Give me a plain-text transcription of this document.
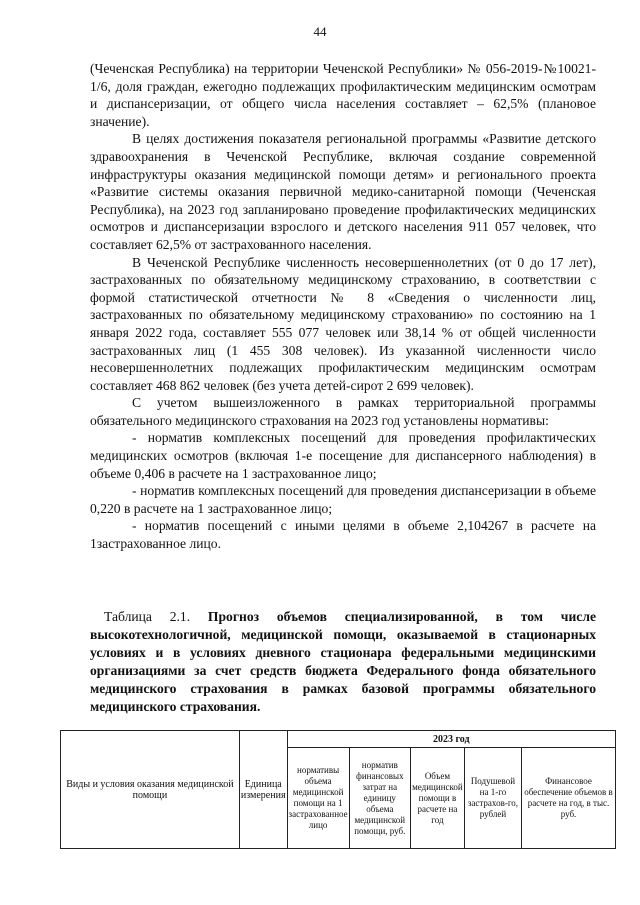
44

(Чеченская Республика) на территории Чеченской Республики» № 056-2019-№10021-1/6, доля граждан, ежегодно подлежащих профилактическим медицинским осмотрам и диспансеризации, от общего числа населения составляет – 62,5% (плановое значение).

В целях достижения показателя региональной программы «Развитие детского здравоохранения в Чеченской Республике, включая создание современной инфраструктуры оказания медицинской помощи детям» и регионального проекта «Развитие системы оказания первичной медико-санитарной помощи (Чеченская Республика), на 2023 год запланировано проведение профилактических медицинских осмотров и диспансеризации взрослого и детского населения 911 057 человек, что составляет 62,5% от застрахованного населения.

В Чеченской Республике численность несовершеннолетних (от 0 до 17 лет), застрахованных по обязательному медицинскому страхованию, в соответствии с формой статистической отчетности № 8 «Сведения о численности лиц, застрахованных по обязательному медицинскому страхованию» по состоянию на 1 января 2022 года, составляет 555 077 человек или 38,14 % от общей численности застрахованных лиц (1 455 308 человек). Из указанной численности число несовершеннолетних подлежащих профилактическим медицинским осмотрам составляет 468 862 человек (без учета детей-сирот 2 699 человек).

С учетом вышеизложенного в рамках территориальной программы обязательного медицинского страхования на 2023 год установлены нормативы:

- норматив комплексных посещений для проведения профилактических медицинских осмотров (включая 1-е посещение для диспансерного наблюдения) в объеме 0,406 в расчете на 1 застрахованное лицо;

- норматив комплексных посещений для проведения диспансеризации в объеме 0,220 в расчете на 1 застрахованное лицо;

- норматив посещений с иными целями в объеме 2,104267 в расчете на 1застрахованное лицо.

Таблица 2.1. Прогноз объемов специализированной, в том числе высокотехнологичной, медицинской помощи, оказываемой в стационарных условиях и в условиях дневного стационара федеральными медицинскими организациями за счет средств бюджета Федерального фонда обязательного медицинского страхования в рамках базовой программы обязательного медицинского страхования.
Виды и условия оказания медицинской помощи	Единица измерения	2023 год				
		нормативы объема медицинской помощи на 1 застрахованное лицо	норматив финансовых затрат на единицу объема медицинской помощи, руб.	Объем медицинской помощи в расчете на год	Подушевой на 1-го застрахов-го, рублей	Финансовое обеспечение объемов в расчете на год, в тыс. руб.
